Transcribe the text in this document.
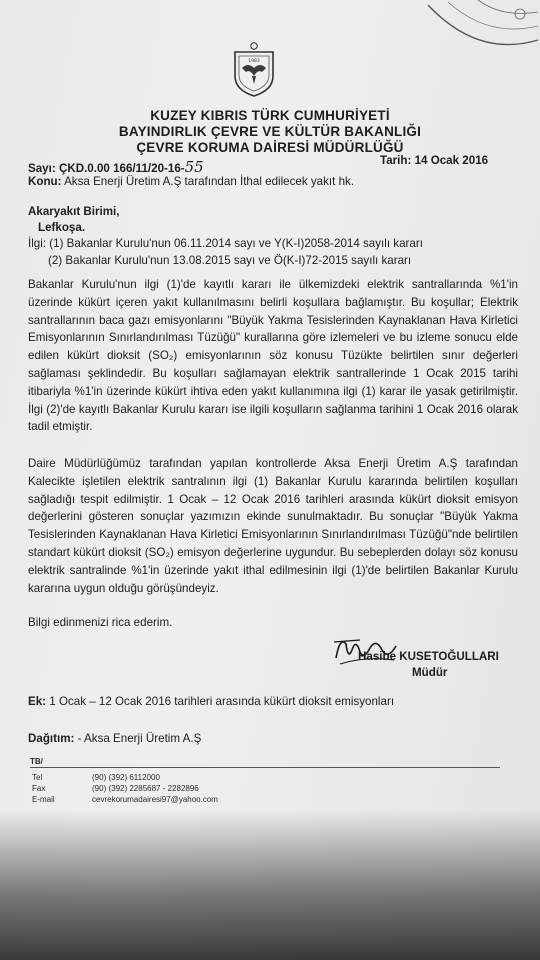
1983
KUZEY KIBRIS TÜRK CUMHURİYETİ
BAYINDIRLIK ÇEVRE VE KÜLTÜR BAKANLIĞI
ÇEVRE KORUMA DAİRESİ MÜDÜRLÜĞÜ
Sayı: ÇKD.0.00 166/11/20-16-55	Tarih: 14 Ocak 2016
Konu: Aksa Enerji Üretim A.Ş tarafından İthal edilecek yakıt hk.
Akaryakıt Birimi,
Lefkoşa.
İlgi: (1) Bakanlar Kurulu'nun 06.11.2014 sayı ve Y(K-I)2058-2014 sayılı kararı
(2) Bakanlar Kurulu'nun 13.08.2015 sayı ve Ö(K-I)72-2015 sayılı kararı

Bakanlar Kurulu'nun ilgi (1)'de kayıtlı kararı ile ülkemizdeki elektrik santrallarında %1'in üzerinde kükürt içeren yakıt kullanılmasını belirli koşullara bağlamıştır. Bu koşullar; Elektrik santrallarının baca gazı emisyonlarını "Büyük Yakma Tesislerinden Kaynaklanan Hava Kirletici Emisyonlarının Sınırlandırılması Tüzüğü" kurallarına göre izlemeleri ve bu izleme sonucu elde edilen kükürt dioksit (SO₂) emisyonlarının söz konusu Tüzükte belirtilen sınır değerleri sağlaması şeklindedir. Bu koşulları sağlamayan elektrik santrallerinde 1 Ocak 2015 tarihi itibariyla %1'in üzerinde kükürt ihtiva eden yakıt kullanımına ilgi (1) karar ile yasak getirilmiştir. İlgi (2)'de kayıtlı Bakanlar Kurulu kararı ise ilgili koşulların sağlanma tarihini 1 Ocak 2016 olarak tadil etmiştir.

Daire Müdürlüğümüz tarafından yapılan kontrollerde Aksa Enerji Üretim A.Ş tarafından Kalecikte işletilen elektrik santralının ilgi (1) Bakanlar Kurulu kararında belirtilen koşulları sağladığı tespit edilmiştir. 1 Ocak – 12 Ocak 2016 tarihleri arasında kükürt dioksit emisyon değerlerini gösteren sonuçlar yazımızın ekinde sunulmaktadır. Bu sonuçlar "Büyük Yakma Tesislerinden Kaynaklanan Hava Kirletici Emisyonlarının Sınırlandırılması Tüzüğü"nde belirtilen standart kükürt dioksit (SO₂) emisyon değerlerine uygundur. Bu sebeplerden dolayı söz konusu elektrik santralinde %1'in üzerinde yakıt ithal edilmesinin ilgi (1)'de belirtilen Bakanlar Kurulu kararına uygun olduğu görüşündeyiz.

Bilgi edinmenizi rica ederim.
Hasibe KUSETOĞULLARI
Müdür
Ek: 1 Ocak – 12 Ocak 2016 tarihleri arasında kükürt dioksit emisyonları
Dağıtım: - Aksa Enerji Üretim A.Ş
TB/
Tel	(90) (392) 6112000
Fax	(90) (392) 2285687 - 2282896
E-mail	cevrekorumadairesi97@yahoo.com
